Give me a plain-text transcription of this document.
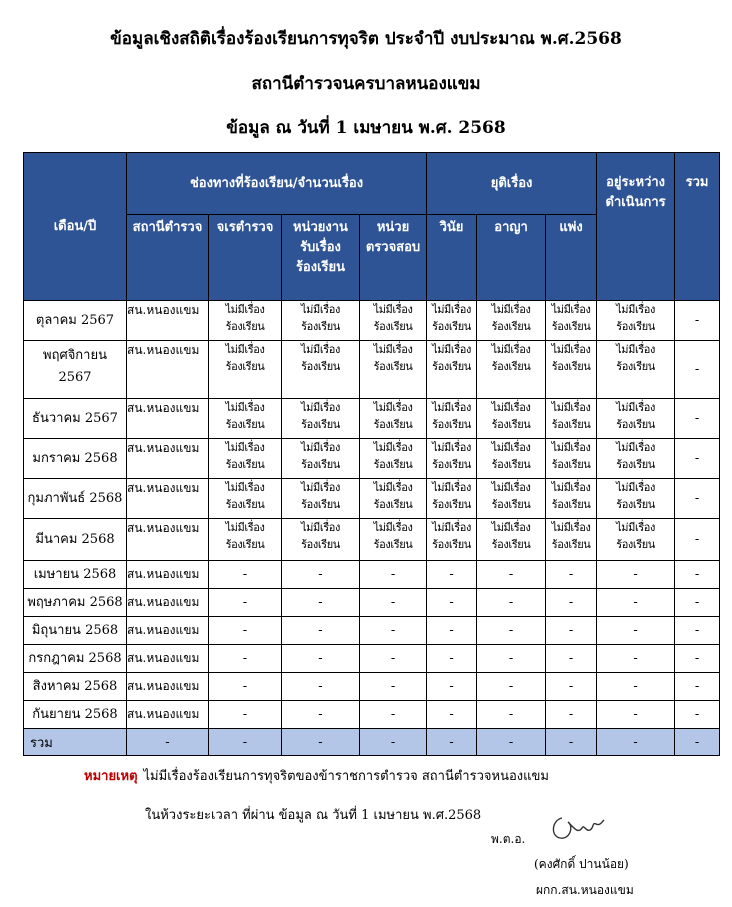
ข้อมูลเชิงสถิติเรื่องร้องเรียนการทุจริต ประจำปี งบประมาณ พ.ศ.2568
สถานีตำรวจนครบาลหนองแขม
ข้อมูล ณ วันที่ 1 เมษายน พ.ศ. 2568
เดือน/ปี	ช่องทางที่ร้องเรียน/จำนวนเรื่อง				ยุติเรื่อง			อยู่ระหว่าง
ดำเนินการ	รวม
	สถานีตำรวจ	จเรตำรวจ	หน่วยงาน
รับเรื่อง
ร้องเรียน	หน่วย
ตรวจสอบ	วินัย	อาญา	แพ่ง		
ตุลาคม 2567	สน.หนองแขม	ไม่มีเรื่อง
ร้องเรียน	ไม่มีเรื่อง
ร้องเรียน	ไม่มีเรื่อง
ร้องเรียน	ไม่มีเรื่อง
ร้องเรียน	ไม่มีเรื่อง
ร้องเรียน	ไม่มีเรื่อง
ร้องเรียน	ไม่มีเรื่อง
ร้องเรียน	-

พฤศจิกายน
2567	สน.หนองแขม	ไม่มีเรื่อง
ร้องเรียน	ไม่มีเรื่อง
ร้องเรียน	ไม่มีเรื่อง
ร้องเรียน	ไม่มีเรื่อง
ร้องเรียน	ไม่มีเรื่อง
ร้องเรียน	ไม่มีเรื่อง
ร้องเรียน	ไม่มีเรื่อง
ร้องเรียน	-
ธันวาคม 2567	สน.หนองแขม	ไม่มีเรื่อง
ร้องเรียน	ไม่มีเรื่อง
ร้องเรียน	ไม่มีเรื่อง
ร้องเรียน	ไม่มีเรื่อง
ร้องเรียน	ไม่มีเรื่อง
ร้องเรียน	ไม่มีเรื่อง
ร้องเรียน	ไม่มีเรื่อง
ร้องเรียน	-
มกราคม 2568	สน.หนองแขม	ไม่มีเรื่อง
ร้องเรียน	ไม่มีเรื่อง
ร้องเรียน	ไม่มีเรื่อง
ร้องเรียน	ไม่มีเรื่อง
ร้องเรียน	ไม่มีเรื่อง
ร้องเรียน	ไม่มีเรื่อง
ร้องเรียน	ไม่มีเรื่อง
ร้องเรียน	-
กุมภาพันธ์ 2568	สน.หนองแขม	ไม่มีเรื่อง
ร้องเรียน	ไม่มีเรื่อง
ร้องเรียน	ไม่มีเรื่อง
ร้องเรียน	ไม่มีเรื่อง
ร้องเรียน	ไม่มีเรื่อง
ร้องเรียน	ไม่มีเรื่อง
ร้องเรียน	ไม่มีเรื่อง
ร้องเรียน	-
มีนาคม 2568	สน.หนองแขม	ไม่มีเรื่อง
ร้องเรียน	ไม่มีเรื่อง
ร้องเรียน	ไม่มีเรื่อง
ร้องเรียน	ไม่มีเรื่อง
ร้องเรียน	ไม่มีเรื่อง
ร้องเรียน	ไม่มีเรื่อง
ร้องเรียน	ไม่มีเรื่อง
ร้องเรียน	-
เมษายน 2568	สน.หนองแขม	-	-	-	-	-	-	-	-
พฤษภาคม 2568	สน.หนองแขม	-	-	-	-	-	-	-	-
มิถุนายน 2568	สน.หนองแขม	-	-	-	-	-	-	-	-
กรกฎาคม 2568	สน.หนองแขม	-	-	-	-	-	-	-	-
สิงหาคม 2568	สน.หนองแขม	-	-	-	-	-	-	-	-
กันยายน 2568	สน.หนองแขม	-	-	-	-	-	-	-	-
รวม	-	-	-	-	-	-	-	-	-
หมายเหตุ ไม่มีเรื่องร้องเรียนการทุจริตของข้าราชการตำรวจ สถานีตำรวจหนองแขม
ในห้วงระยะเวลา ที่ผ่าน ข้อมูล ณ วันที่ 1 เมษายน พ.ศ.2568
พ.ต.อ.
(คงศักดิ์ ปานน้อย)
ผกก.สน.หนองแขม
